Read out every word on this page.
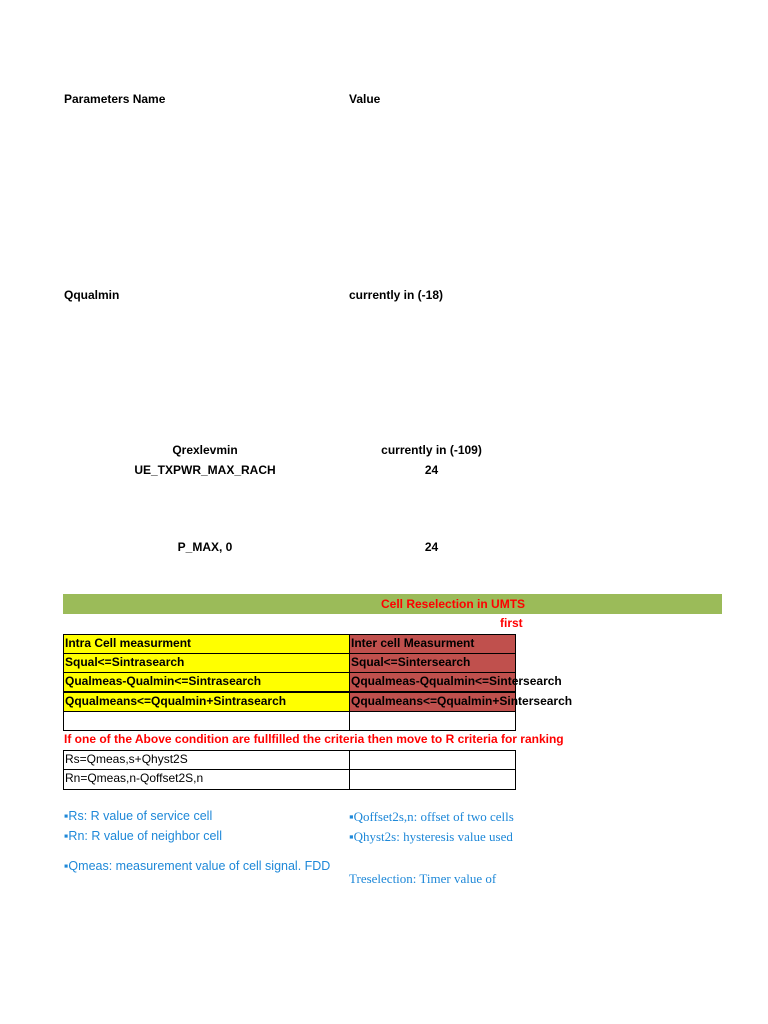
Parameters Name	Value
Qqualmin	currently in (-18)
Qrexlevmin	currently in (-109)
UE_TXPWR_MAX_RACH	24
P_MAX, 0	24
Cell Reselection in UMTS
first
Intra Cell measurment	Inter cell Measurment
Squal<=Sintrasearch	Squal<=Sintersearch
Qualmeas-Qualmin<=Sintrasearch	Qqualmeas-Qqualmin<=Sintersearch
Qqualmeans<=Qqualmin+Sintrasearch	Qqualmeans<=Qqualmin+Sintersearch
If one of the Above condition are fullfilled the criteria then move to R criteria for ranking
Rs=Qmeas,s+Qhyst2S
Rn=Qmeas,n-Qoffset2S,n
▪Rs: R value of service cell
▪Rn: R value of neighbor cell
▪Qmeas: measurement value of cell signal. FDD
▪Qoffset2s,n: offset of two cells
▪Qhyst2s: hysteresis value used
Treselection: Timer value of
